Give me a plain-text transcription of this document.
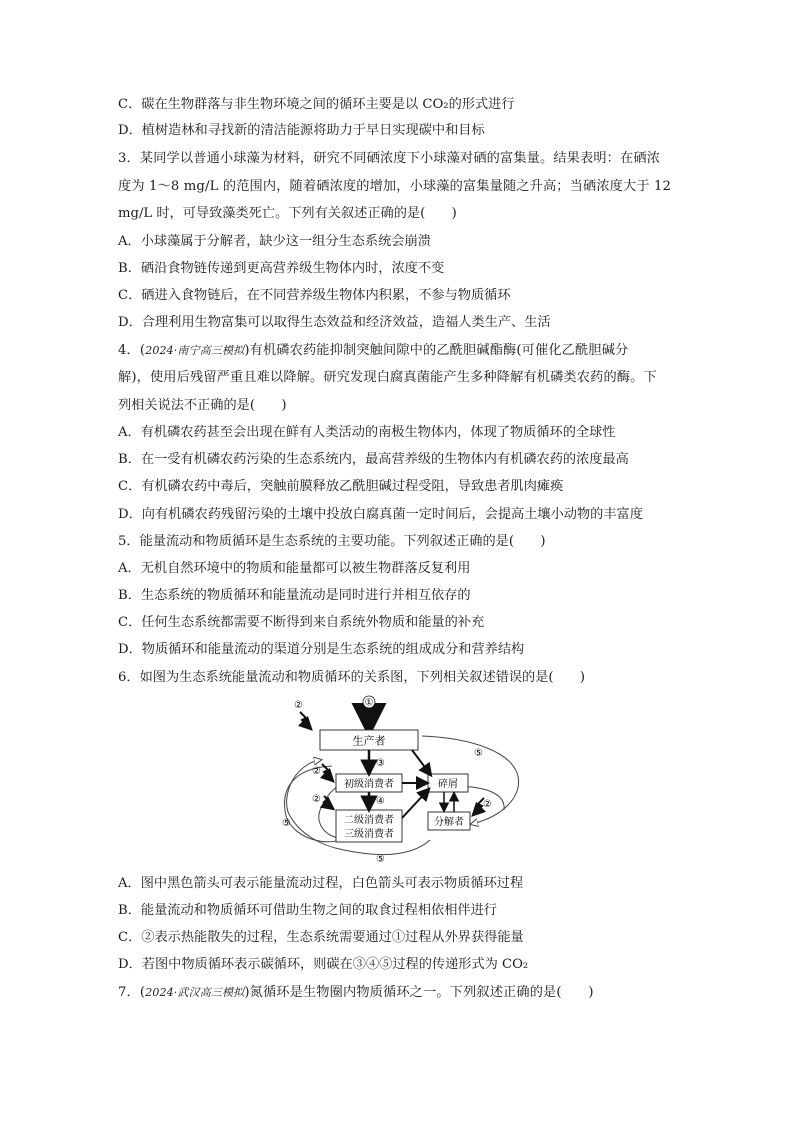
C．碳在生物群落与非生物环境之间的循环主要是以 CO₂的形式进行
D．植树造林和寻找新的清洁能源将助力于早日实现碳中和目标
3．某同学以普通小球藻为材料，研究不同硒浓度下小球藻对硒的富集量。结果表明：在硒浓
度为 1～8 mg/L 的范围内，随着硒浓度的增加，小球藻的富集量随之升高；当硒浓度大于 12
mg/L 时，可导致藻类死亡。下列有关叙述正确的是(　　)
A．小球藻属于分解者，缺少这一组分生态系统会崩溃
B．硒沿食物链传递到更高营养级生物体内时，浓度不变
C．硒进入食物链后，在不同营养级生物体内积累，不参与物质循环
D．合理利用生物富集可以取得生态效益和经济效益，造福人类生产、生活
4．(2024·南宁高三模拟)有机磷农药能抑制突触间隙中的乙酰胆碱酯酶(可催化乙酰胆碱分
解)，使用后残留严重且难以降解。研究发现白腐真菌能产生多种降解有机磷类农药的酶。下
列相关说法不正确的是(　　)
A．有机磷农药甚至会出现在鲜有人类活动的南极生物体内，体现了物质循环的全球性
B．在一受有机磷农药污染的生态系统内，最高营养级的生物体内有机磷农药的浓度最高
C．有机磷农药中毒后，突触前膜释放乙酰胆碱过程受阻，导致患者肌肉瘫痪
D．向有机磷农药残留污染的土壤中投放白腐真菌一定时间后，会提高土壤小动物的丰富度
5．能量流动和物质循环是生态系统的主要功能。下列叙述正确的是(　　)
A．无机自然环境中的物质和能量都可以被生物群落反复利用
B．生态系统的物质循环和能量流动是同时进行并相互依存的
C．任何生态系统都需要不断得到来自系统外物质和能量的补充
D．物质循环和能量流动的渠道分别是生态系统的组成成分和营养结构
6．如图为生态系统能量流动和物质循环的关系图，下列相关叙述错误的是(　　)
①
生产者
初级消费者
二级消费者
三级消费者
碎屑
分解者
②
②
②	②
③
④
⑤
⑤
⑤
A．图中黑色箭头可表示能量流动过程，白色箭头可表示物质循环过程
B．能量流动和物质循环可借助生物之间的取食过程相依相伴进行
C．②表示热能散失的过程，生态系统需要通过①过程从外界获得能量
D．若图中物质循环表示碳循环，则碳在③④⑤过程的传递形式为 CO₂
7．(2024·武汉高三模拟)氮循环是生物圈内物质循环之一。下列叙述正确的是(　　)
